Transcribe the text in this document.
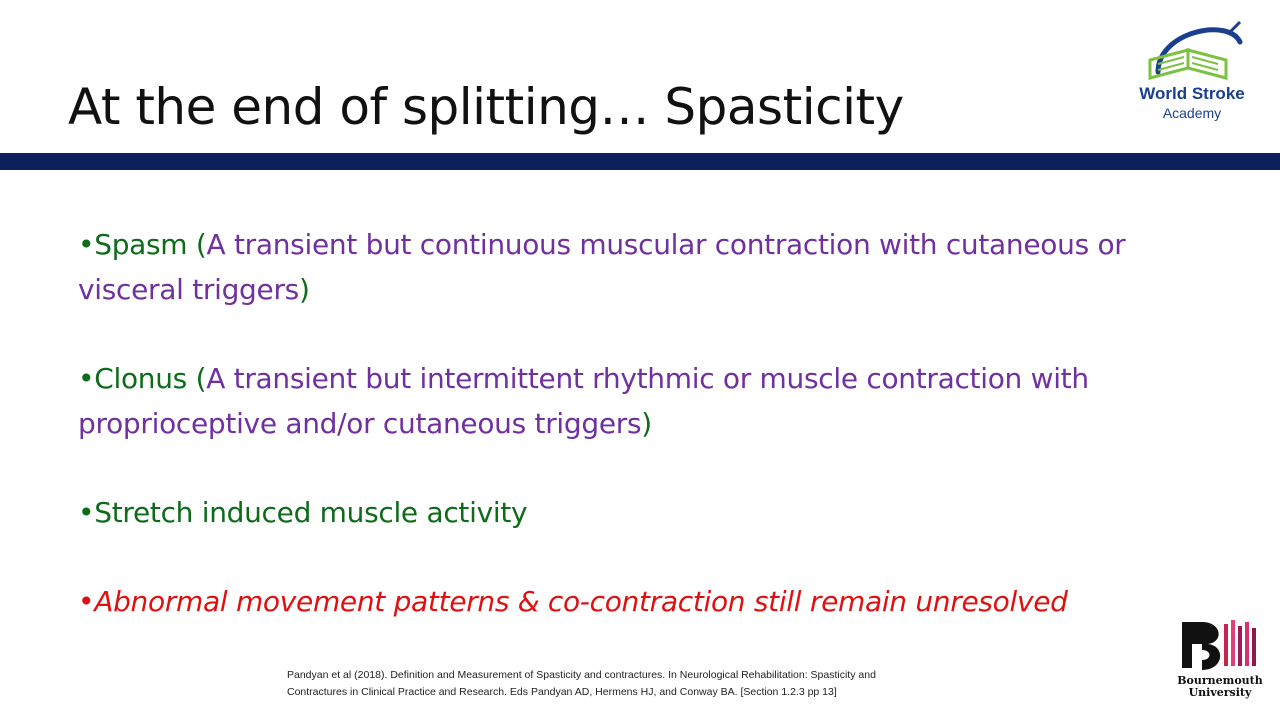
At the end of splitting… Spasticity	World Stroke
Academy

•Spasm (A transient but continuous muscular contraction with cutaneous or visceral triggers)

•Clonus (A transient but intermittent rhythmic or muscle contraction with proprioceptive and/or cutaneous triggers)

•Stretch induced muscle activity

•Abnormal movement patterns & co-contraction still remain unresolved

Pandyan et al (2018). Definition and Measurement of Spasticity and contractures. In Neurological Rehabilitation: Spasticity and
Contractures in Clinical Practice and Research. Eds Pandyan AD, Hermens HJ, and Conway BA. [Section 1.2.3 pp 13]
Bournemouth
University
